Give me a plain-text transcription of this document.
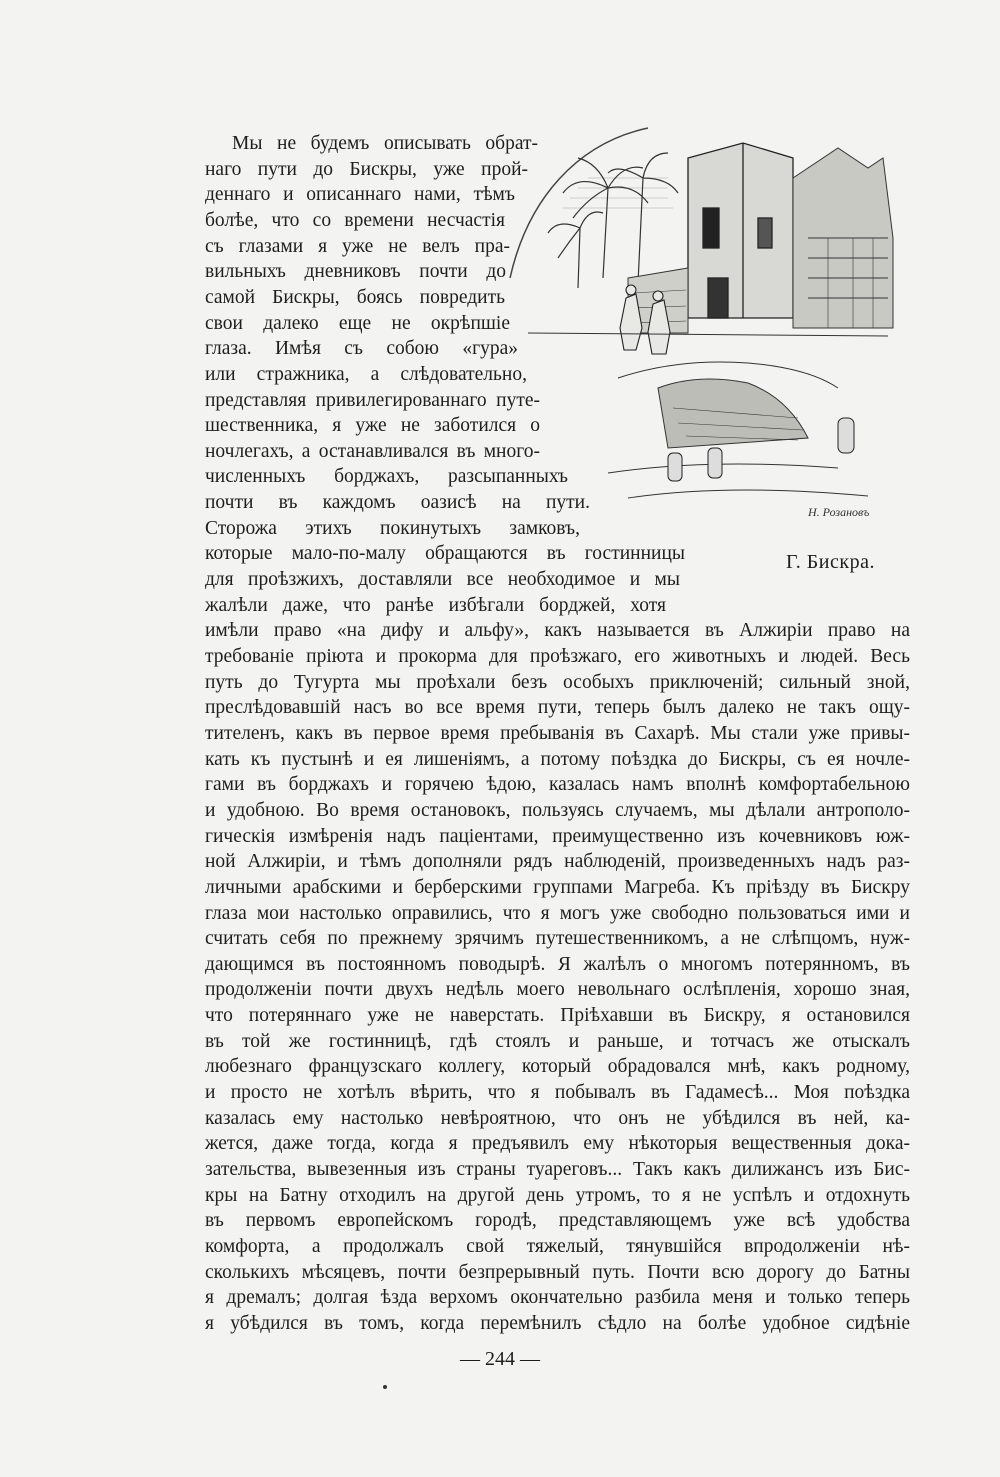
Н. Розановъ
Г. Бискра.
Мы не будемъ описывать обрат-
наго пути до Бискры, уже прой-
деннаго и описаннаго нами, тѣмъ
болѣе, что со времени несчастія
съ глазами я уже не велъ пра-
вильныхъ дневниковъ почти до
самой Бискры, боясь повредить
свои далеко еще не окрѣпшіе
глаза. Имѣя съ собою «гура»
или стражника, а слѣдовательно,
представляя привилегированнаго путе-
шественника, я уже не заботился о
ночлегахъ, а останавливался въ много-
численныхъ борджахъ, разсыпанныхъ
почти въ каждомъ оазисѣ на пути.
Сторожа этихъ покинутыхъ замковъ,
которые мало-по-малу обращаются въ гостинницы
для проѣзжихъ, доставляли все необходимое и мы
жалѣли даже, что ранѣе избѣгали борджей, хотя
имѣли право «на дифу и альфу», какъ называется въ Алжиріи право на
требованіе пріюта и прокорма для проѣзжаго, его животныхъ и людей. Весь
путь до Тугурта мы проѣхали безъ особыхъ приключеній; сильный зной,
преслѣдовавшій насъ во все время пути, теперь былъ далеко не такъ ощу-
тителенъ, какъ въ первое время пребыванія въ Сахарѣ. Мы стали уже привы-
кать къ пустынѣ и ея лишеніямъ, а потому поѣздка до Бискры, съ ея ночле-
гами въ борджахъ и горячею ѣдою, казалась намъ вполнѣ комфортабельною
и удобною. Во время остановокъ, пользуясь случаемъ, мы дѣлали антрополо-
гическія измѣренія надъ паціентами, преимущественно изъ кочевниковъ юж-
ной Алжиріи, и тѣмъ дополняли рядъ наблюденій, произведенныхъ надъ раз-
личными арабскими и берберскими группами Магреба. Къ пріѣзду въ Бискру
глаза мои настолько оправились, что я могъ уже свободно пользоваться ими и
считать себя по прежнему зрячимъ путешественникомъ, а не слѣпцомъ, нуж-
дающимся въ постоянномъ поводырѣ. Я жалѣлъ о многомъ потерянномъ, въ
продолженіи почти двухъ недѣль моего невольнаго ослѣпленія, хорошо зная,
что потеряннаго уже не наверстать. Пріѣхавши въ Бискру, я остановился
въ той же гостинницѣ, гдѣ стоялъ и раньше, и тотчасъ же отыскалъ
любезнаго французскаго коллегу, который обрадовался мнѣ, какъ родному,
и просто не хотѣлъ вѣрить, что я побывалъ въ Гадамесѣ... Моя поѣздка
казалась ему настолько невѣроятною, что онъ не убѣдился въ ней, ка-
жется, даже тогда, когда я предъявилъ ему нѣкоторыя вещественныя дока-
зательства, вывезенныя изъ страны туареговъ... Такъ какъ дилижансъ изъ Бис-
кры на Батну отходилъ на другой день утромъ, то я не успѣлъ и отдохнуть
въ первомъ европейскомъ городѣ, представляющемъ уже всѣ удобства
комфорта, а продолжалъ свой тяжелый, тянувшійся впродолженіи нѣ-
сколькихъ мѣсяцевъ, почти безпрерывный путь. Почти всю дорогу до Батны
я дремалъ; долгая ѣзда верхомъ окончательно разбила меня и только теперь
я убѣдился въ томъ, когда перемѣнилъ сѣдло на болѣе удобное сидѣніе
— 244 —
